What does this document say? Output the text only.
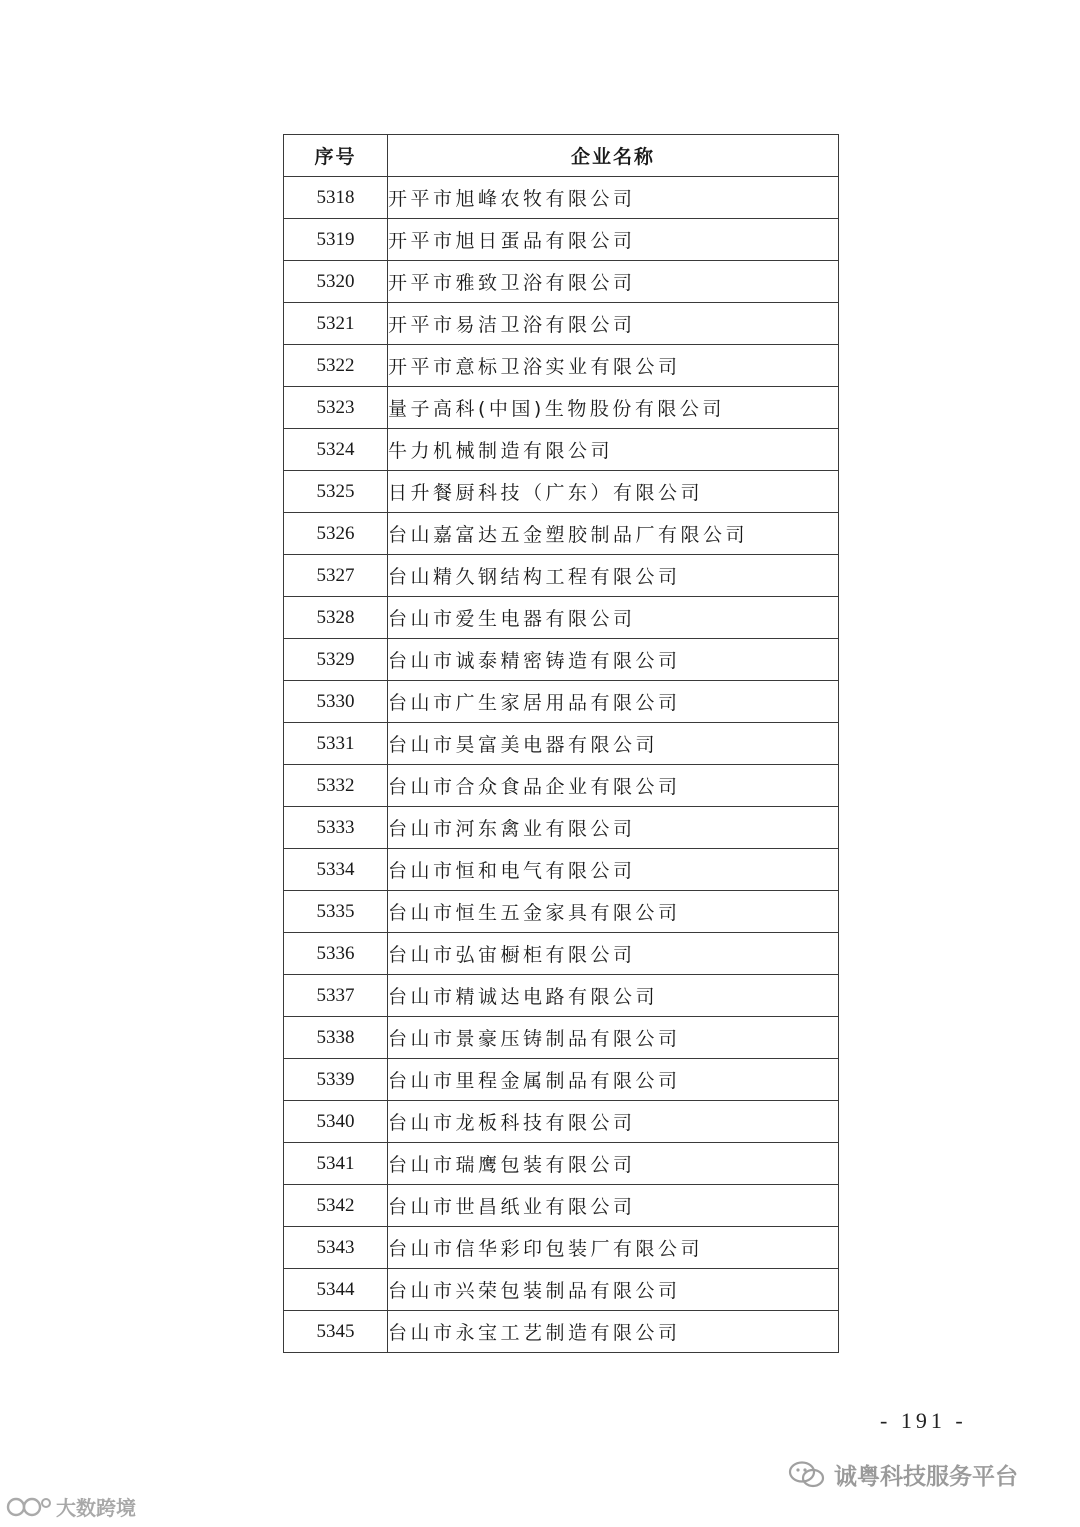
序号	企业名称
5318	开平市旭峰农牧有限公司
5319	开平市旭日蛋品有限公司
5320	开平市雅致卫浴有限公司
5321	开平市易洁卫浴有限公司
5322	开平市意标卫浴实业有限公司
5323	量子高科(中国)生物股份有限公司
5324	牛力机械制造有限公司
5325	日升餐厨科技（广东）有限公司
5326	台山嘉富达五金塑胶制品厂有限公司
5327	台山精久钢结构工程有限公司
5328	台山市爱生电器有限公司
5329	台山市诚泰精密铸造有限公司
5330	台山市广生家居用品有限公司
5331	台山市昊富美电器有限公司
5332	台山市合众食品企业有限公司
5333	台山市河东禽业有限公司
5334	台山市恒和电气有限公司
5335	台山市恒生五金家具有限公司
5336	台山市弘宙橱柜有限公司
5337	台山市精诚达电路有限公司
5338	台山市景豪压铸制品有限公司
5339	台山市里程金属制品有限公司
5340	台山市龙板科技有限公司
5341	台山市瑞鹰包装有限公司
5342	台山市世昌纸业有限公司
5343	台山市信华彩印包装厂有限公司
5344	台山市兴荣包装制品有限公司
5345	台山市永宝工艺制造有限公司
- 191 -
诚粤科技服务平台
大数跨境
